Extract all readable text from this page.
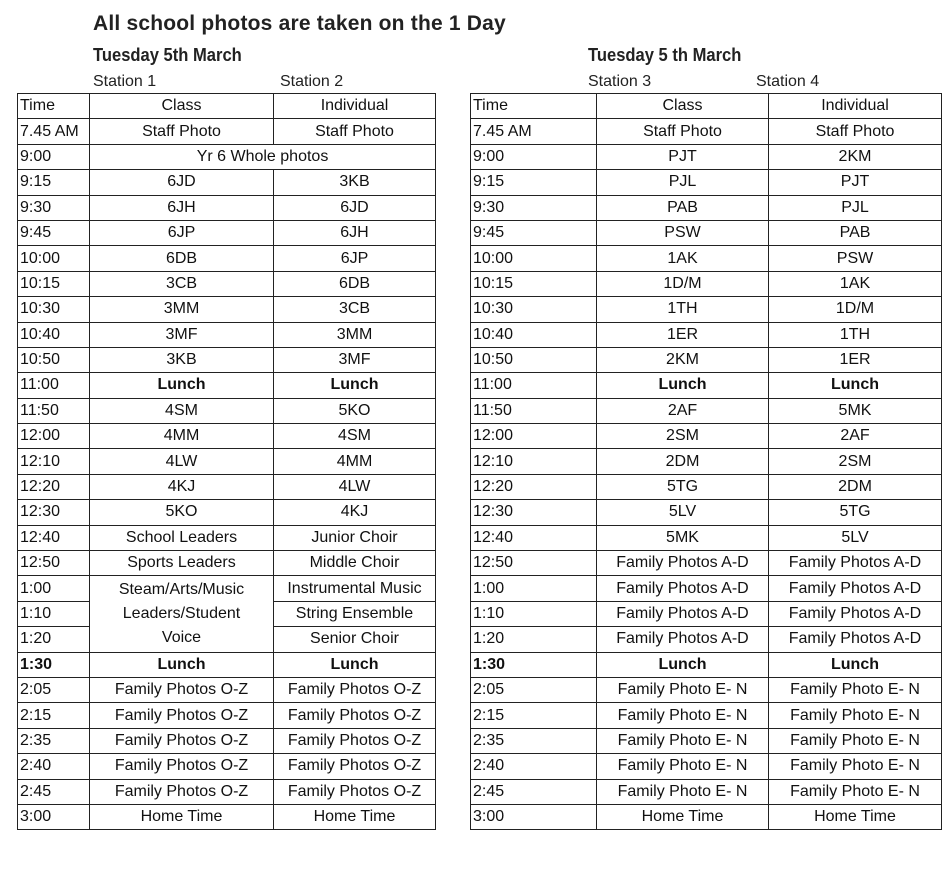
All school photos are taken on the 1 Day
Tuesday 5th March
Station 1	Station 2
Tuesday 5 th March
Station 3	Station 4
Time	Class	Individual
7.45 AM	Staff Photo	Staff Photo
9:00	Yr 6 Whole photos	
9:15	6JD	3KB
9:30	6JH	6JD
9:45	6JP	6JH
10:00	6DB	6JP
10:15	3CB	6DB
10:30	3MM	3CB
10:40	3MF	3MM
10:50	3KB	3MF
11:00	Lunch	Lunch
11:50	4SM	5KO
12:00	4MM	4SM
12:10	4LW	4MM
12:20	4KJ	4LW
12:30	5KO	4KJ
12:40	School Leaders	Junior Choir
12:50	Sports Leaders	Middle Choir
1:00	Steam/Arts/Music Leaders/Student Voice	Instrumental Music
1:10		String Ensemble
1:20		Senior Choir
1:30	Lunch	Lunch
2:05	Family Photos O-Z	Family Photos O-Z
2:15	Family Photos O-Z	Family Photos O-Z
2:35	Family Photos O-Z	Family Photos O-Z
2:40	Family Photos O-Z	Family Photos O-Z
2:45	Family Photos O-Z	Family Photos O-Z
3:00	Home Time	Home Time
Time	Class	Individual
7.45 AM	Staff Photo	Staff Photo
9:00	PJT	2KM
9:15	PJL	PJT
9:30	PAB	PJL
9:45	PSW	PAB
10:00	1AK	PSW
10:15	1D/M	1AK
10:30	1TH	1D/M
10:40	1ER	1TH
10:50	2KM	1ER
11:00	Lunch	Lunch
11:50	2AF	5MK
12:00	2SM	2AF
12:10	2DM	2SM
12:20	5TG	2DM
12:30	5LV	5TG
12:40	5MK	5LV
12:50	Family Photos A-D	Family Photos A-D
1:00	Family Photos A-D	Family Photos A-D
1:10	Family Photos A-D	Family Photos A-D
1:20	Family Photos A-D	Family Photos A-D
1:30	Lunch	Lunch
2:05	Family Photo E- N	Family Photo E- N
2:15	Family Photo E- N	Family Photo E- N
2:35	Family Photo E- N	Family Photo E- N
2:40	Family Photo E- N	Family Photo E- N
2:45	Family Photo E- N	Family Photo E- N
3:00	Home Time	Home Time
